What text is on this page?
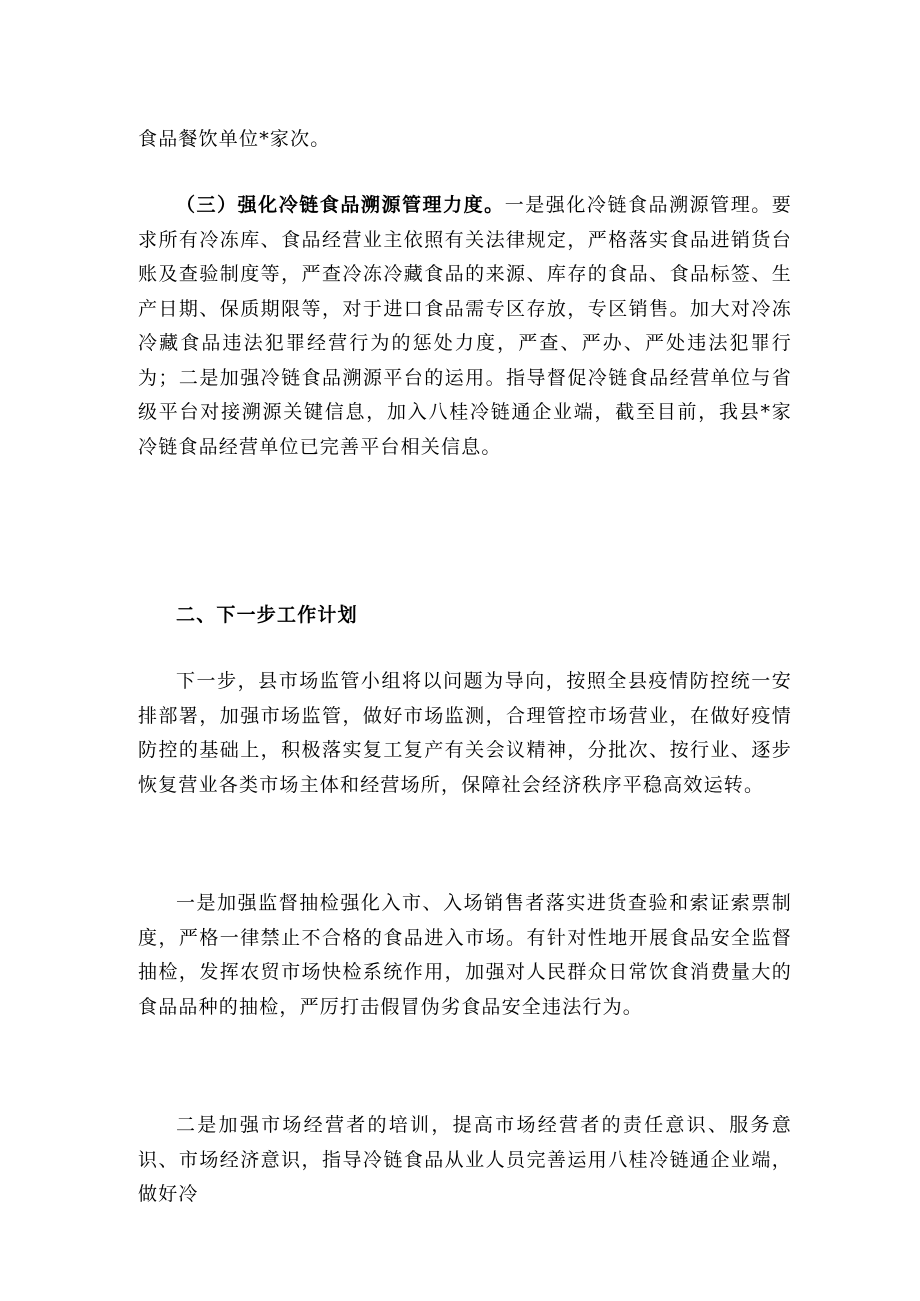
食品餐饮单位*家次。

（三）强化冷链食品溯源管理力度。一是强化冷链食品溯源管理。要求所有冷冻库、食品经营业主依照有关法律规定，严格落实食品进销货台账及查验制度等，严查冷冻冷藏食品的来源、库存的食品、食品标签、生产日期、保质期限等，对于进口食品需专区存放，专区销售。加大对冷冻冷藏食品违法犯罪经营行为的惩处力度，严查、严办、严处违法犯罪行为；二是加强冷链食品溯源平台的运用。指导督促冷链食品经营单位与省级平台对接溯源关键信息，加入八桂冷链通企业端，截至目前，我县*家冷链食品经营单位已完善平台相关信息。

二、下一步工作计划

下一步，县市场监管小组将以问题为导向，按照全县疫情防控统一安排部署，加强市场监管，做好市场监测，合理管控市场营业，在做好疫情防控的基础上，积极落实复工复产有关会议精神，分批次、按行业、逐步恢复营业各类市场主体和经营场所，保障社会经济秩序平稳高效运转。

一是加强监督抽检强化入市、入场销售者落实进货查验和索证索票制度，严格一律禁止不合格的食品进入市场。有针对性地开展食品安全监督抽检，发挥农贸市场快检系统作用，加强对人民群众日常饮食消费量大的食品品种的抽检，严厉打击假冒伪劣食品安全违法行为。

二是加强市场经营者的培训，提高市场经营者的责任意识、服务意识、市场经济意识，指导冷链食品从业人员完善运用八桂冷链通企业端，做好冷
